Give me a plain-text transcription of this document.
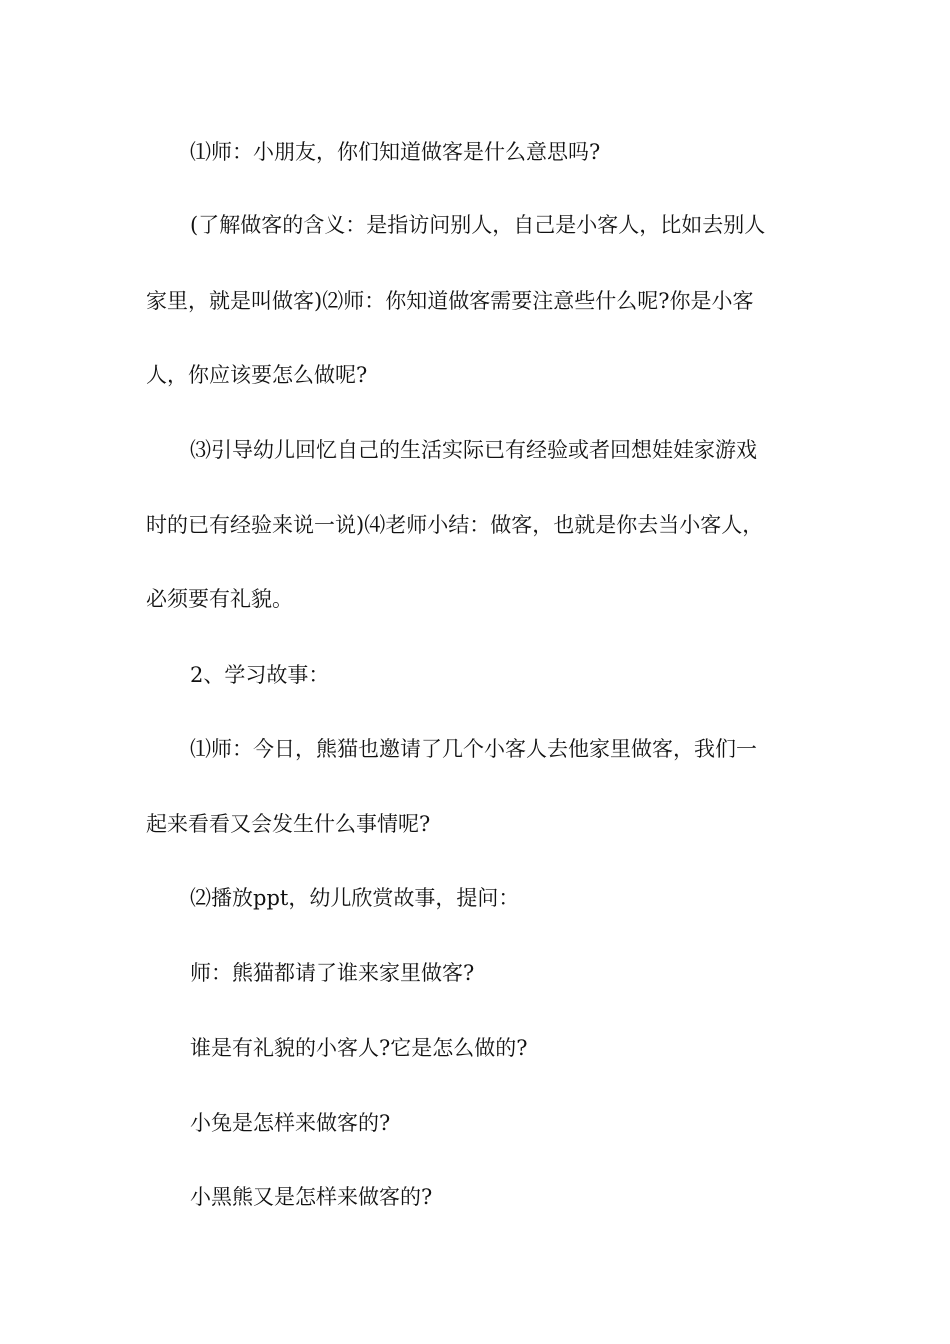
⑴师：小朋友，你们知道做客是什么意思吗?

(了解做客的含义：是指访问别人，自己是小客人，比如去别人

家里，就是叫做客)⑵师：你知道做客需要注意些什么呢?你是小客

人，你应该要怎么做呢?

⑶引导幼儿回忆自己的生活实际已有经验或者回想娃娃家游戏

时的已有经验来说一说)⑷老师小结：做客，也就是你去当小客人，

必须要有礼貌。

2、学习故事：

⑴师：今日，熊猫也邀请了几个小客人去他家里做客，我们一

起来看看又会发生什么事情呢?

⑵播放ppt，幼儿欣赏故事，提问：

师：熊猫都请了谁来家里做客?

谁是有礼貌的小客人?它是怎么做的?

小兔是怎样来做客的?

小黑熊又是怎样来做客的?
